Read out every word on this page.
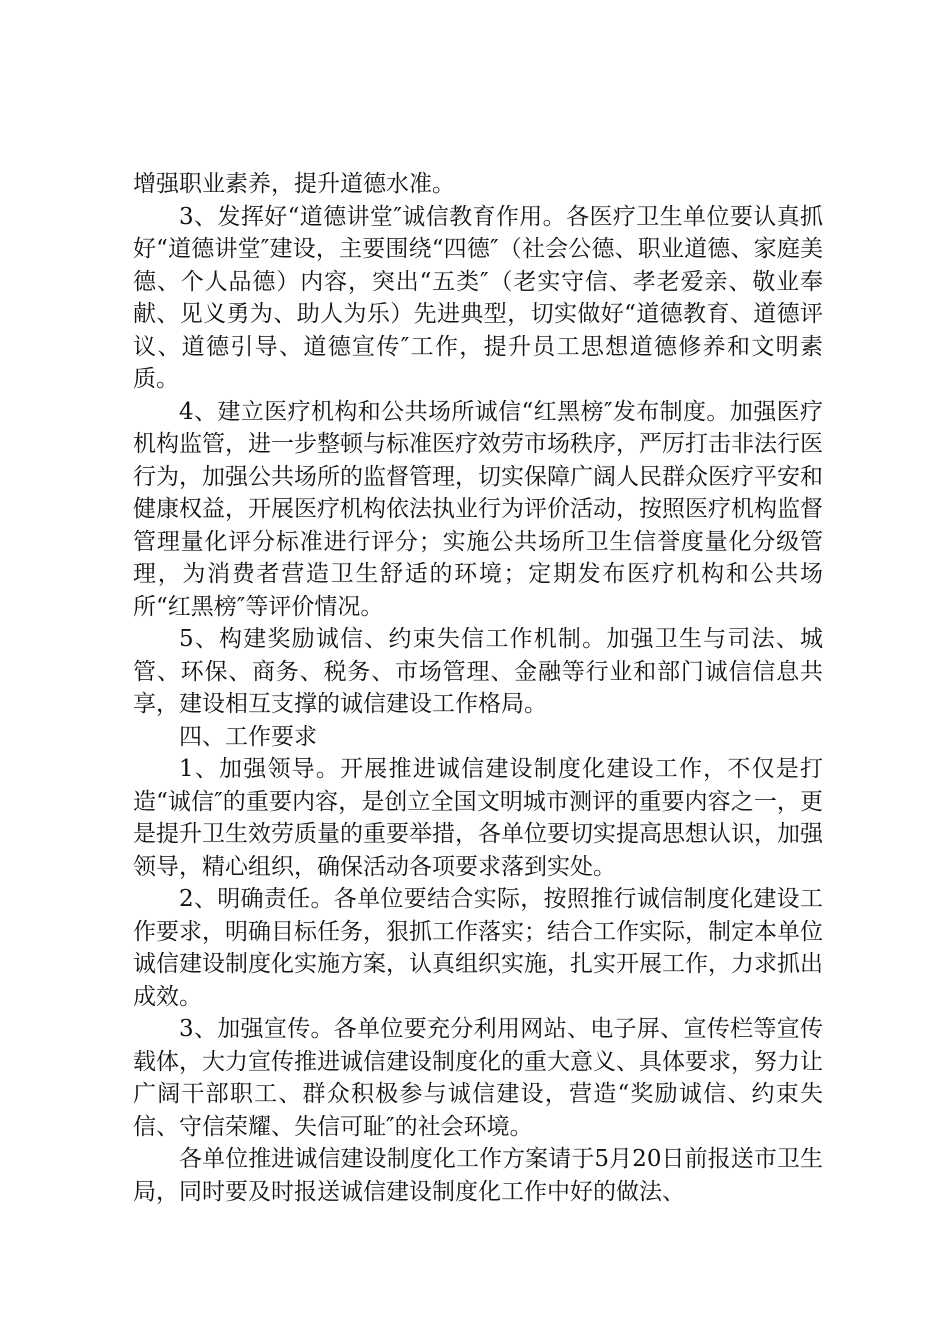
增强职业素养，提升道德水准。

3、发挥好“道德讲堂″诚信教育作用。各医疗卫生单位要认真抓好“道德讲堂″建设，主要围绕“四德″（社会公德、职业道德、家庭美德、个人品德）内容，突出“五类″（老实守信、孝老爱亲、敬业奉献、见义勇为、助人为乐）先进典型，切实做好“道德教育、道德评议、道德引导、道德宣传″工作，提升员工思想道德修养和文明素质。

4、建立医疗机构和公共场所诚信“红黑榜″发布制度。加强医疗机构监管，进一步整顿与标准医疗效劳市场秩序，严厉打击非法行医行为，加强公共场所的监督管理，切实保障广阔人民群众医疗平安和健康权益，开展医疗机构依法执业行为评价活动，按照医疗机构监督管理量化评分标准进行评分；实施公共场所卫生信誉度量化分级管理，为消费者营造卫生舒适的环境；定期发布医疗机构和公共场所“红黑榜″等评价情况。

5、构建奖励诚信、约束失信工作机制。加强卫生与司法、城管、环保、商务、税务、市场管理、金融等行业和部门诚信信息共享，建设相互支撑的诚信建设工作格局。

四、工作要求

1、加强领导。开展推进诚信建设制度化建设工作，不仅是打造“诚信″的重要内容，是创立全国文明城市测评的重要内容之一，更是提升卫生效劳质量的重要举措，各单位要切实提高思想认识，加强领导，精心组织，确保活动各项要求落到实处。

2、明确责任。各单位要结合实际，按照推行诚信制度化建设工作要求，明确目标任务，狠抓工作落实；结合工作实际，制定本单位诚信建设制度化实施方案，认真组织实施，扎实开展工作，力求抓出成效。

3、加强宣传。各单位要充分利用网站、电子屏、宣传栏等宣传载体，大力宣传推进诚信建设制度化的重大意义、具体要求，努力让广阔干部职工、群众积极参与诚信建设，营造“奖励诚信、约束失信、守信荣耀、失信可耻″的社会环境。

各单位推进诚信建设制度化工作方案请于5月20日前报送市卫生局，同时要及时报送诚信建设制度化工作中好的做法、
